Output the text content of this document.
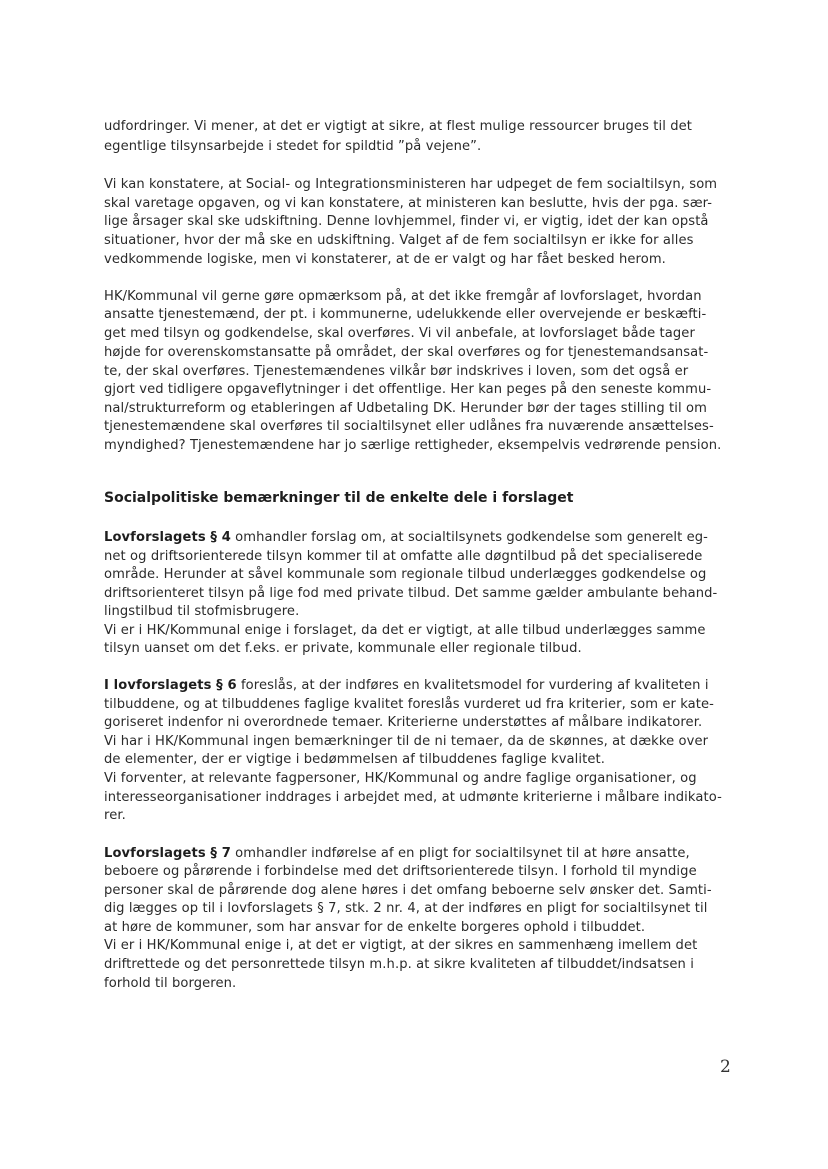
udfordringer. Vi mener, at det er vigtigt at sikre, at flest mulige ressourcer bruges til det
egentlige tilsynsarbejde i stedet for spildtid ”på vejene”.
Vi kan konstatere, at Social- og Integrationsministeren har udpeget de fem socialtilsyn, som
skal varetage opgaven, og vi kan konstatere, at ministeren kan beslutte, hvis der pga. sær-
lige årsager skal ske udskiftning. Denne lovhjemmel, finder vi, er vigtig, idet der kan opstå
situationer, hvor der må ske en udskiftning. Valget af de fem socialtilsyn er ikke for alles
vedkommende logiske, men vi konstaterer, at de er valgt og har fået besked herom.
HK/Kommunal vil gerne gøre opmærksom på, at det ikke fremgår af lovforslaget, hvordan
ansatte tjenestemænd, der pt. i kommunerne, udelukkende eller overvejende er beskæfti-
get med tilsyn og godkendelse, skal overføres. Vi vil anbefale, at lovforslaget både tager
højde for overenskomstansatte på området, der skal overføres og for tjenestemandsansat-
te, der skal overføres. Tjenestemændenes vilkår bør indskrives i loven, som det også er
gjort ved tidligere opgaveflytninger i det offentlige. Her kan peges på den seneste kommu-
nal/strukturreform og etableringen af Udbetaling DK. Herunder bør der tages stilling til om
tjenestemændene skal overføres til socialtilsynet eller udlånes fra nuværende ansættelses-
myndighed? Tjenestemændene har jo særlige rettigheder, eksempelvis vedrørende pension.
Socialpolitiske bemærkninger til de enkelte dele i forslaget
Lovforslagets § 4 omhandler forslag om, at socialtilsynets godkendelse som generelt eg-
net og driftsorienterede tilsyn kommer til at omfatte alle døgntilbud på det specialiserede
område. Herunder at såvel kommunale som regionale tilbud underlægges godkendelse og
driftsorienteret tilsyn på lige fod med private tilbud. Det samme gælder ambulante behand-
lingstilbud til stofmisbrugere.
Vi er i HK/Kommunal enige i forslaget, da det er vigtigt, at alle tilbud underlægges samme
tilsyn uanset om det f.eks. er private, kommunale eller regionale tilbud.
I lovforslagets § 6 foreslås, at der indføres en kvalitetsmodel for vurdering af kvaliteten i
tilbuddene, og at tilbuddenes faglige kvalitet foreslås vurderet ud fra kriterier, som er kate-
goriseret indenfor ni overordnede temaer. Kriterierne understøttes af målbare indikatorer.
Vi har i HK/Kommunal ingen bemærkninger til de ni temaer, da de skønnes, at dække over
de elementer, der er vigtige i bedømmelsen af tilbuddenes faglige kvalitet.
Vi forventer, at relevante fagpersoner, HK/Kommunal og andre faglige organisationer, og
interesseorganisationer inddrages i arbejdet med, at udmønte kriterierne i målbare indikato-
rer.
Lovforslagets § 7 omhandler indførelse af en pligt for socialtilsynet til at høre ansatte,
beboere og pårørende i forbindelse med det driftsorienterede tilsyn. I forhold til myndige
personer skal de pårørende dog alene høres i det omfang beboerne selv ønsker det. Samti-
dig lægges op til i lovforslagets § 7, stk. 2 nr. 4, at der indføres en pligt for socialtilsynet til
at høre de kommuner, som har ansvar for de enkelte borgeres ophold i tilbuddet.
Vi er i HK/Kommunal enige i, at det er vigtigt, at der sikres en sammenhæng imellem det
driftrettede og det personrettede tilsyn m.h.p. at sikre kvaliteten af tilbuddet/indsatsen i
forhold til borgeren.
2
